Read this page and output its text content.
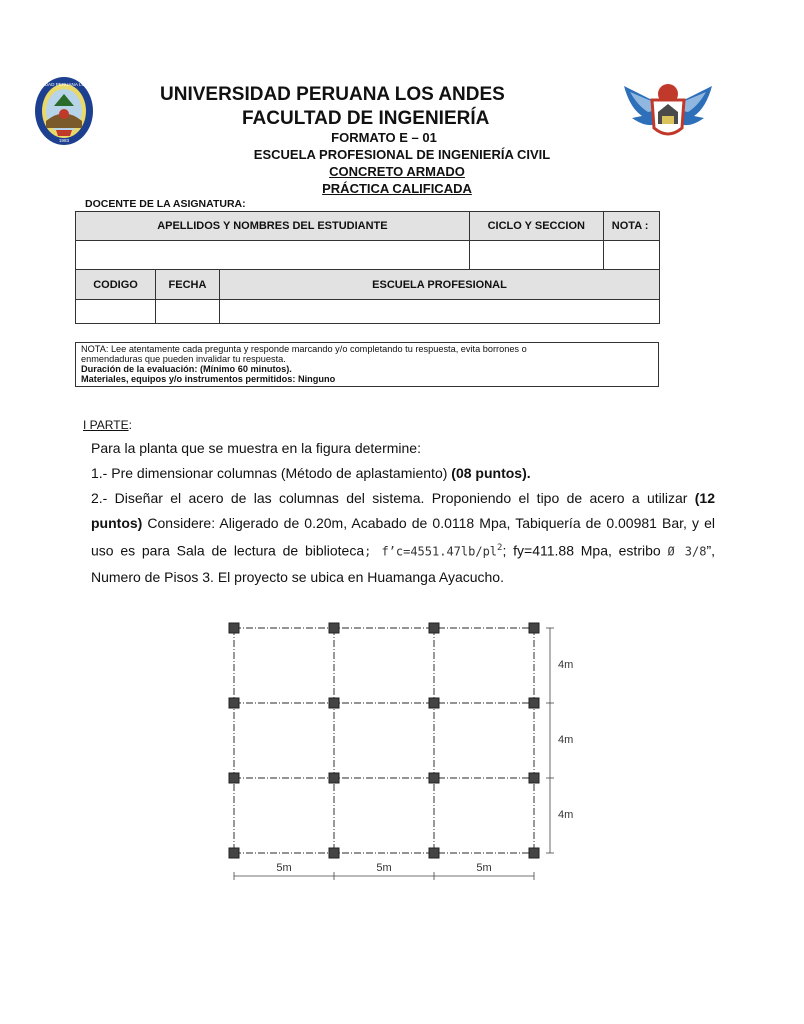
UNIVERSIDAD PERUANA LOS ANDES
1983
UNIVERSIDAD PERUANA LOS ANDES
FACULTAD DE INGENIERÍA
FORMATO E – 01
ESCUELA PROFESIONAL DE INGENIERÍA CIVIL
CONCRETO ARMADO
PRÁCTICA CALIFICADA
DOCENTE DE LA ASIGNATURA:
APELLIDOS Y NOMBRES DEL ESTUDIANTE			CICLO Y SECCION	NOTA :

CODIGO	FECHA	ESCUELA PROFESIONAL		

NOTA: Lee atentamente cada pregunta y responde marcando y/o completando tu respuesta, evita borrones o
enmendaduras que pueden invalidar tu respuesta.
Duración de la evaluación: (Mínimo 60 minutos).
Materiales, equipos y/o instrumentos permitidos: Ninguno
I PARTE:
Para la planta que se muestra en la figura determine:
1.- Pre dimensionar columnas (Método de aplastamiento) (08 puntos).
2.- Diseñar el acero de las columnas del sistema. Proponiendo el tipo de acero a utilizar (12 puntos) Considere: Aligerado de 0.20m, Acabado de 0.0118 Mpa, Tabiquería de 0.00981 Bar, y el uso es para Sala de lectura de biblioteca; $f’c=4551.47lb/pl^2$; fy=411.88 Mpa, estribo Ø 3/8”, Numero de Pisos 3. El proyecto se ubica en Huamanga Ayacucho.
5m	5m	5m
4m
4m
4m
